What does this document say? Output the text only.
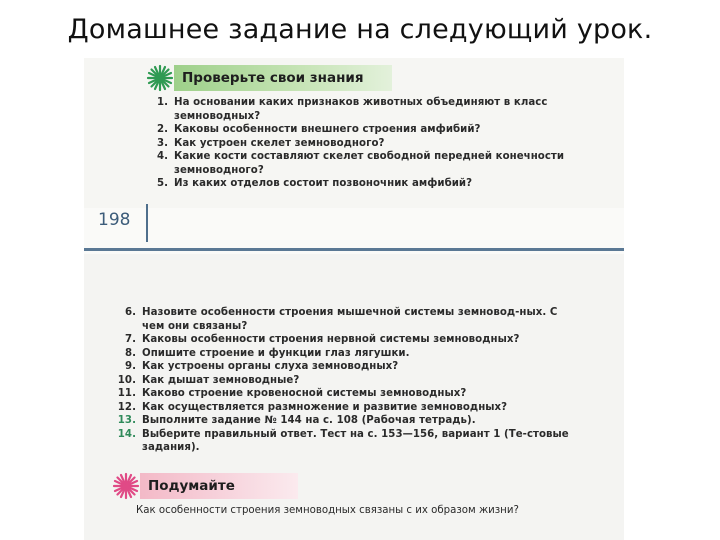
Домашнее задание на следующий урок.
Проверьте свои знания
1. На основании каких признаков животных объединяют в класс земноводных?
2. Каковы особенности внешнего строения амфибий?
3. Как устроен скелет земноводного?
4. Какие кости составляют скелет свободной передней конечности земноводного?
5. Из каких отделов состоит позвоночник амфибий?
198
6. Назовите особенности строения мышечной системы земновод-ных. С чем они связаны?
7. Каковы особенности строения нервной системы земноводных?
8. Опишите строение и функции глаз лягушки.
9. Как устроены органы слуха земноводных?
10. Как дышат земноводные?
11. Каково строение кровеносной системы земноводных?
12. Как осуществляется размножение и развитие земноводных?
13. Выполните задание № 144 на с. 108 (Рабочая тетрадь).
14. Выберите правильный ответ. Тест на с. 153—156, вариант 1 (Те-стовые задания).
Подумайте
Как особенности строения земноводных связаны с их образом жизни?
